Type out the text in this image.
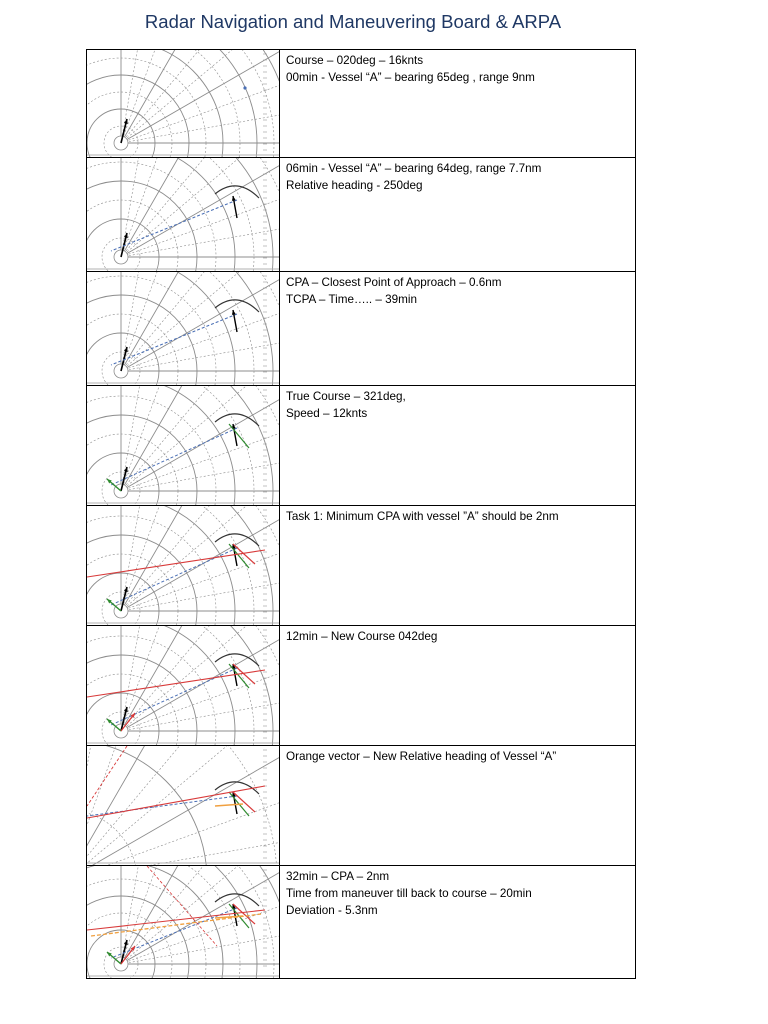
Radar Navigation and Maneuvering Board & ARPA

Course – 020deg – 16knts
00min - Vessel “A” – bearing 65deg , range 9nm

06min - Vessel “A” – bearing 64deg, range 7.7nm
Relative heading - 250deg

CPA – Closest Point of Approach – 0.6nm
TCPA – Time….. – 39min

True Course – 321deg,
Speed – 12knts

Task 1: Minimum CPA with vessel ”A” should be 2nm

12min – New Course 042deg

Orange vector – New Relative heading of Vessel “A”

32min – CPA – 2nm
Time from maneuver till back to course – 20min
Deviation - 5.3nm
